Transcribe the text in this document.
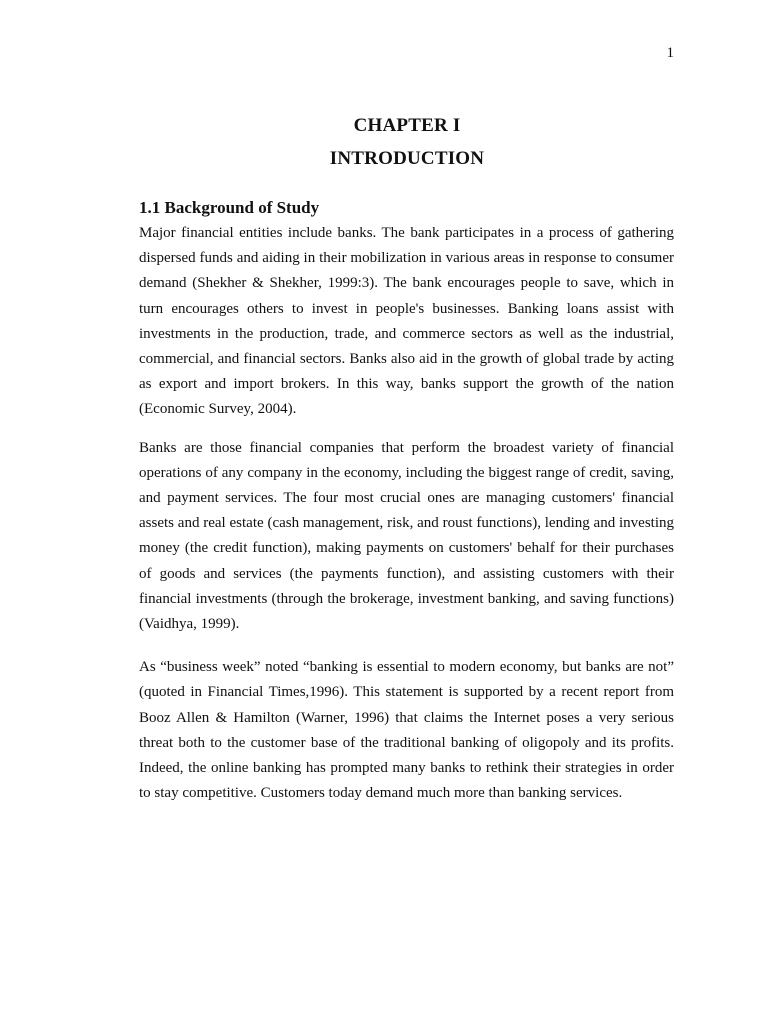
1

CHAPTER I

INTRODUCTION

1.1 Background of Study

Major financial entities include banks. The bank participates in a process of gathering dispersed funds and aiding in their mobilization in various areas in response to consumer demand (Shekher & Shekher, 1999:3). The bank encourages people to save, which in turn encourages others to invest in people's businesses. Banking loans assist with investments in the production, trade, and commerce sectors as well as the industrial, commercial, and financial sectors. Banks also aid in the growth of global trade by acting as export and import brokers. In this way, banks support the growth of the nation (Economic Survey, 2004).

Banks are those financial companies that perform the broadest variety of financial operations of any company in the economy, including the biggest range of credit, saving, and payment services. The four most crucial ones are managing customers' financial assets and real estate (cash management, risk, and roust functions), lending and investing money (the credit function), making payments on customers' behalf for their purchases of goods and services (the payments function), and assisting customers with their financial investments (through the brokerage, investment banking, and saving functions) (Vaidhya, 1999).

As “business week” noted “banking is essential to modern economy, but banks are not” (quoted in Financial Times,1996). This statement is supported by a recent report from Booz Allen & Hamilton (Warner, 1996) that claims the Internet poses a very serious threat both to the customer base of the traditional banking of oligopoly and its profits. Indeed, the online banking has prompted many banks to rethink their strategies in order to stay competitive. Customers today demand much more than banking services.
